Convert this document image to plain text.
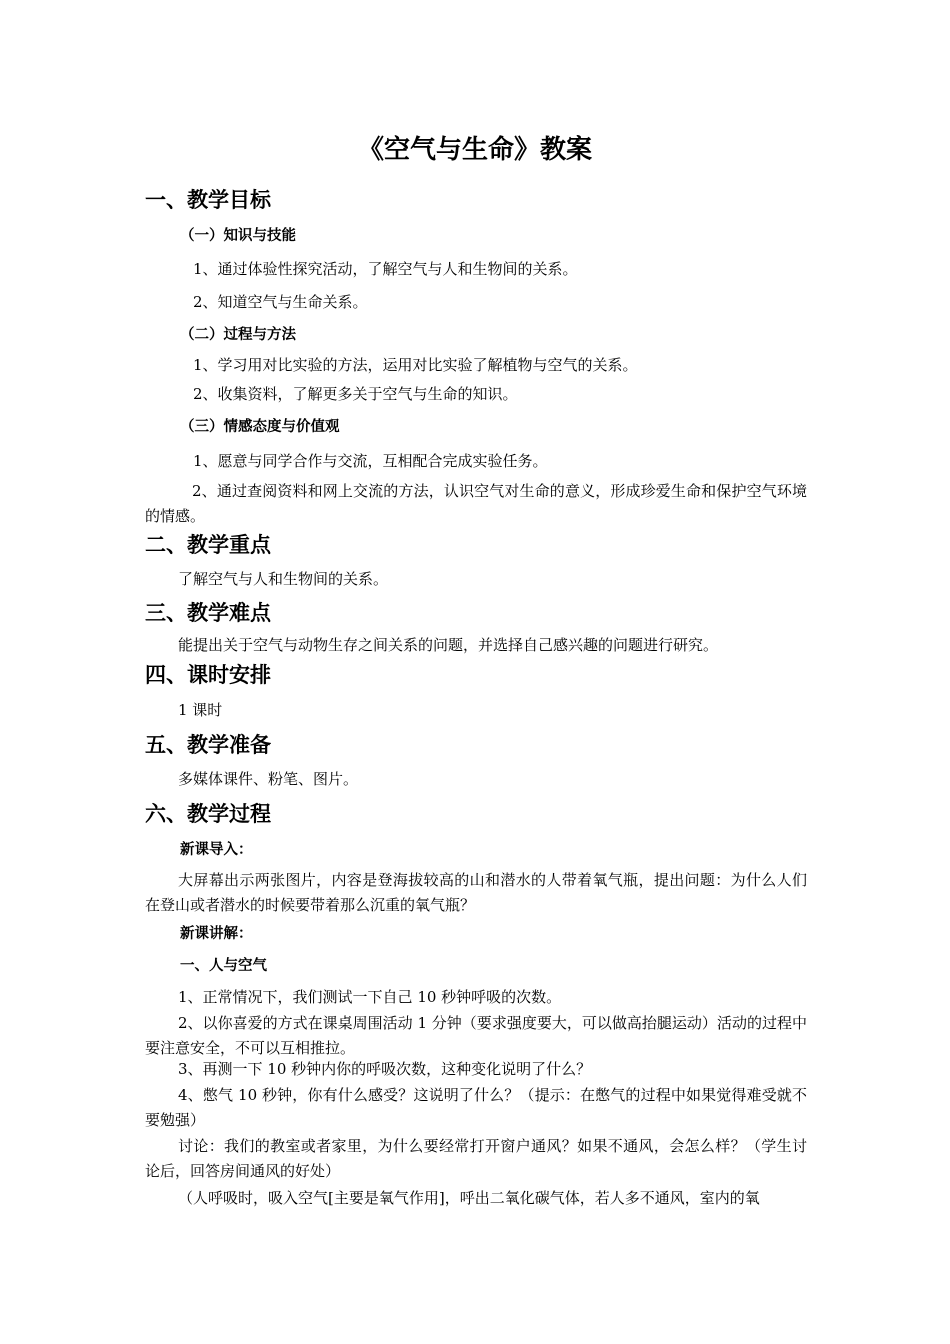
《空气与生命》教案
一、教学目标
（一）知识与技能
1、通过体验性探究活动，了解空气与人和生物间的关系。
2、知道空气与生命关系。
（二）过程与方法
1、学习用对比实验的方法，运用对比实验了解植物与空气的关系。
2、收集资料，了解更多关于空气与生命的知识。
（三）情感态度与价值观
1、愿意与同学合作与交流，互相配合完成实验任务。
2、通过查阅资料和网上交流的方法，认识空气对生命的意义，形成珍爱生命和保护空气环境的情感。
二、教学重点
了解空气与人和生物间的关系。
三、教学难点
能提出关于空气与动物生存之间关系的问题，并选择自己感兴趣的问题进行研究。
四、课时安排
1 课时
五、教学准备
多媒体课件、粉笔、图片。
六、教学过程
新课导入：
大屏幕出示两张图片，内容是登海拔较高的山和潜水的人带着氧气瓶，提出问题：为什么人们在登山或者潜水的时候要带着那么沉重的氧气瓶？
新课讲解：
一、人与空气
1、正常情况下，我们测试一下自己 10 秒钟呼吸的次数。
2、以你喜爱的方式在课桌周围活动 1 分钟（要求强度要大，可以做高抬腿运动）活动的过程中要注意安全，不可以互相推拉。
3、再测一下 10 秒钟内你的呼吸次数，这种变化说明了什么？
4、憋气 10 秒钟，你有什么感受？这说明了什么？（提示：在憋气的过程中如果觉得难受就不要勉强）
讨论：我们的教室或者家里，为什么要经常打开窗户通风？如果不通风，会怎么样？（学生讨论后，回答房间通风的好处）
（人呼吸时，吸入空气[主要是氧气作用]，呼出二氧化碳气体，若人多不通风，室内的氧
